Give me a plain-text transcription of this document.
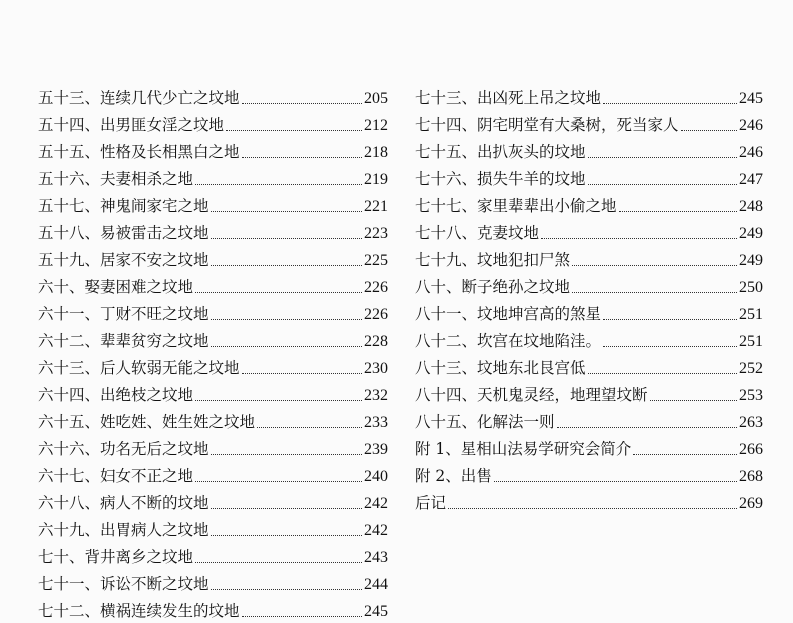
五十三、连续几代少亡之坟地	205
五十四、出男匪女淫之坟地	212
五十五、性格及长相黑白之地	218
五十六、夫妻相杀之地	219
五十七、神鬼闹家宅之地	221
五十八、易被雷击之坟地	223
五十九、居家不安之坟地	225
六十、娶妻困难之坟地	226
六十一、丁财不旺之坟地	226
六十二、辈辈贫穷之坟地	228
六十三、后人软弱无能之坟地	230
六十四、出绝枝之坟地	232
六十五、姓吃姓、姓生姓之坟地	233
六十六、功名无后之坟地	239
六十七、妇女不正之地	240
六十八、病人不断的坟地	242
六十九、出胃病人之坟地	242
七十、背井离乡之坟地	243
七十一、诉讼不断之坟地	244
七十二、横祸连续发生的坟地	245
七十三、出凶死上吊之坟地	245
七十四、阴宅明堂有大桑树，死当家人	246
七十五、出扒灰头的坟地	246
七十六、损失牛羊的坟地	247
七十七、家里辈辈出小偷之地	248
七十八、克妻坟地	249
七十九、坟地犯扣尸煞	249
八十、断子绝孙之坟地	250
八十一、坟地坤宫高的煞星	251
八十二、坎宫在坟地陷洼。	251
八十三、坟地东北艮宫低	252
八十四、天机鬼灵经，地理望坟断	253
八十五、化解法一则	263
附 1、星相山法易学研究会简介	266
附 2、出售	268
后记	269
